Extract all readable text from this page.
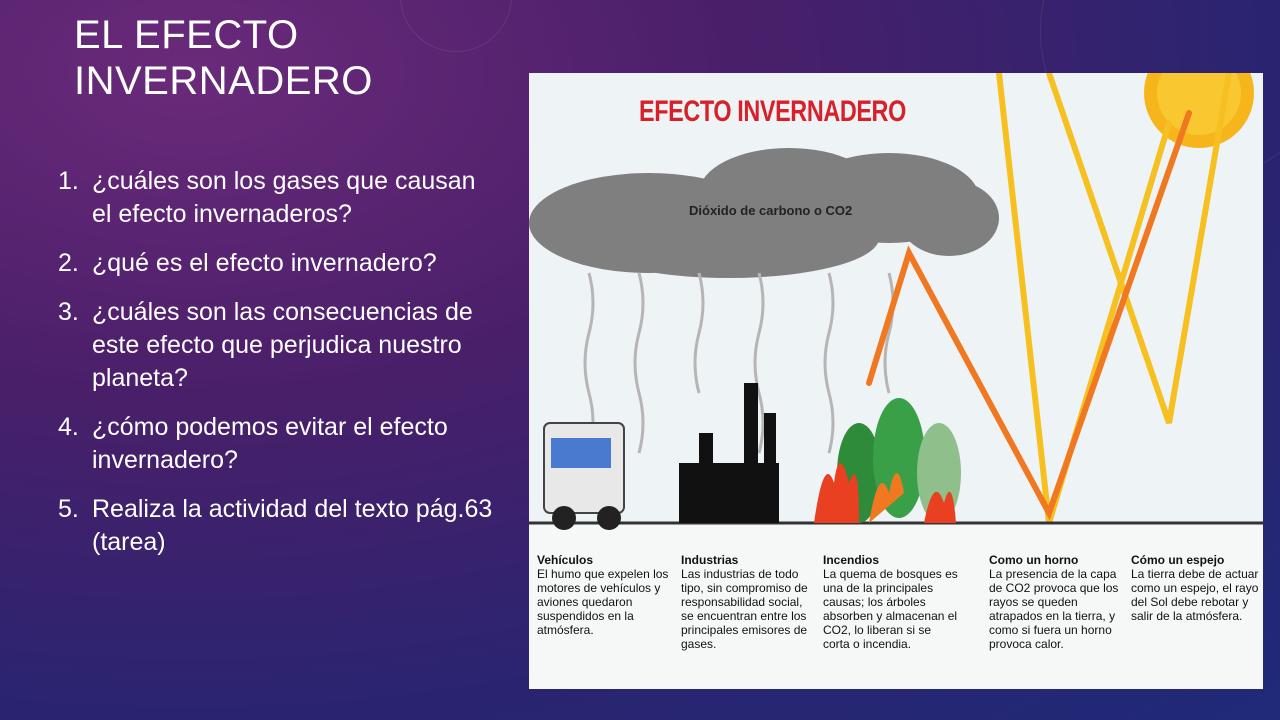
EL EFECTO INVERNADERO
1. ¿cuáles son los gases que causan el efecto invernaderos?
2. ¿qué es el efecto invernadero?
3. ¿cuáles son las consecuencias de este efecto que perjudica nuestro planeta?
4. ¿cómo podemos evitar el efecto invernadero?
5. Realiza la actividad del texto pág.63 (tarea)
EFECTO INVERNADERO
Dióxido de carbono o CO2
Vehículos
El humo que expelen los motores de vehículos y aviones quedaron suspendidos en la atmósfera.
Industrias
Las industrias de todo tipo, sin compromiso de responsabilidad social, se encuentran entre los principales emisores de gases.
Incendios
La quema de bosques es una de la principales causas; los árboles absorben y almacenan el CO2, lo liberan si se corta o incendia.
Como un horno
La presencia de la capa de CO2 provoca que los rayos se queden atrapados en la tierra, y como si fuera un horno provoca calor.
Cómo un espejo
La tierra debe de actuar como un espejo, el rayo del Sol debe rebotar y salir de la atmósfera.
